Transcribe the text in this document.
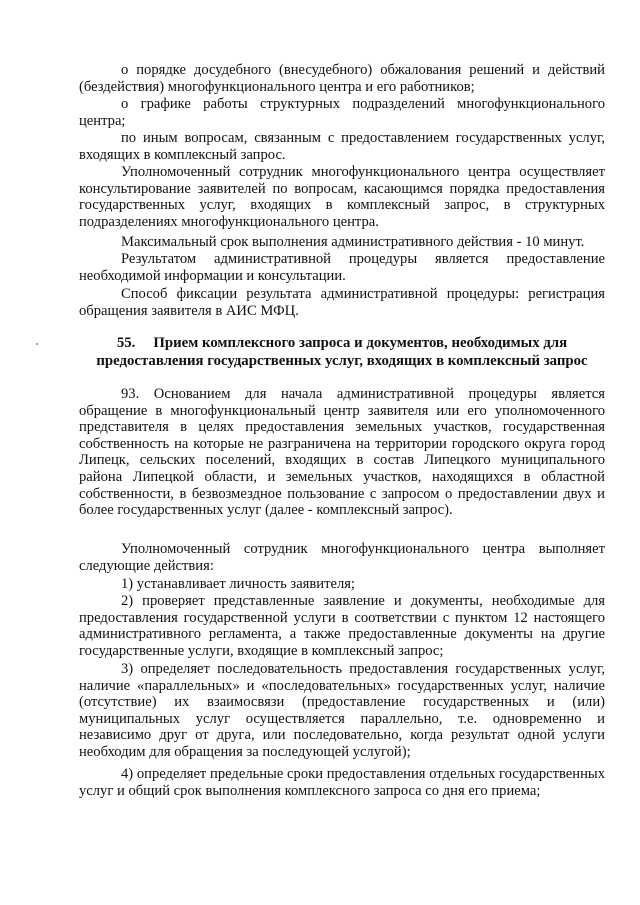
о порядке досудебного (внесудебного) обжалования решений и действий (бездействия) многофункционального центра и его работников;

о графике работы структурных подразделений многофункционального центра;

по иным вопросам, связанным с предоставлением государственных услуг, входящих в комплексный запрос.

Уполномоченный сотрудник многофункционального центра осуществляет консультирование заявителей по вопросам, касающимся порядка предоставления государственных услуг, входящих в комплексный запрос, в структурных подразделениях многофункционального центра.

Максимальный срок выполнения административного действия - 10 минут.

Результатом административной процедуры является предоставление необходимой информации и консультации.

Способ фиксации результата административной процедуры: регистрация обращения заявителя в АИС МФЦ.

55. Прием комплексного запроса и документов, необходимых для предоставления государственных услуг, входящих в комплексный запрос

93. Основанием для начала административной процедуры является обращение в многофункциональный центр заявителя или его уполномоченного представителя в целях предоставления земельных участков, государственная собственность на которые не разграничена на территории городского округа город Липецк, сельских поселений, входящих в состав Липецкого муниципального района Липецкой области, и земельных участков, находящихся в областной собственности, в безвозмездное пользование с запросом о предоставлении двух и более государственных услуг (далее - комплексный запрос).

Уполномоченный сотрудник многофункционального центра выполняет следующие действия:

1) устанавливает личность заявителя;

2) проверяет представленные заявление и документы, необходимые для предоставления государственной услуги в соответствии с пунктом 12 настоящего административного регламента, а также предоставленные документы на другие государственные услуги, входящие в комплексный запрос;

3) определяет последовательность предоставления государственных услуг, наличие «параллельных» и «последовательных» государственных услуг, наличие (отсутствие) их взаимосвязи (предоставление государственных и (или) муниципальных услуг осуществляется параллельно, т.е. одновременно и независимо друг от друга, или последовательно, когда результат одной услуги необходим для обращения за последующей услугой);

4) определяет предельные сроки предоставления отдельных государственных услуг и общий срок выполнения комплексного запроса со дня его приема;
